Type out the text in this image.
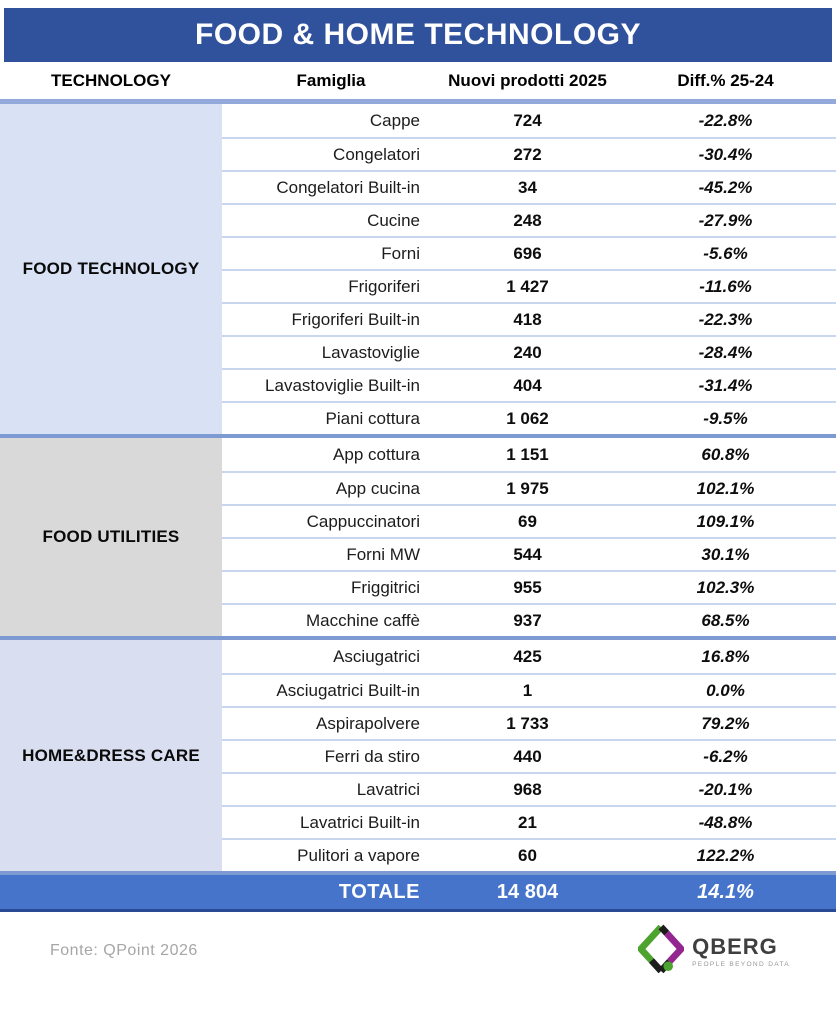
FOOD & HOME TECHNOLOGY
TECHNOLOGY	Famiglia	Nuovi prodotti 2025	Diff.% 25-24
FOOD TECHNOLOGY
Cappe	724	-22.8%
Congelatori	272	-30.4%
Congelatori Built-in	34	-45.2%
Cucine	248	-27.9%
Forni	696	-5.6%
Frigoriferi	1 427	-11.6%
Frigoriferi Built-in	418	-22.3%
Lavastoviglie	240	-28.4%
Lavastoviglie Built-in	404	-31.4%
Piani cottura	1 062	-9.5%
FOOD UTILITIES
App cottura	1 151	60.8%
App cucina	1 975	102.1%
Cappuccinatori	69	109.1%
Forni MW	544	30.1%
Friggitrici	955	102.3%
Macchine caffè	937	68.5%
HOME&DRESS CARE
Asciugatrici	425	16.8%
Asciugatrici Built-in	1	0.0%
Aspirapolvere	1 733	79.2%
Ferri da stiro	440	-6.2%
Lavatrici	968	-20.1%
Lavatrici Built-in	21	-48.8%
Pulitori a vapore	60	122.2%
TOTALE	14 804	14.1%
Fonte: QPoint 2026	QBERG
PEOPLE BEYOND DATA
